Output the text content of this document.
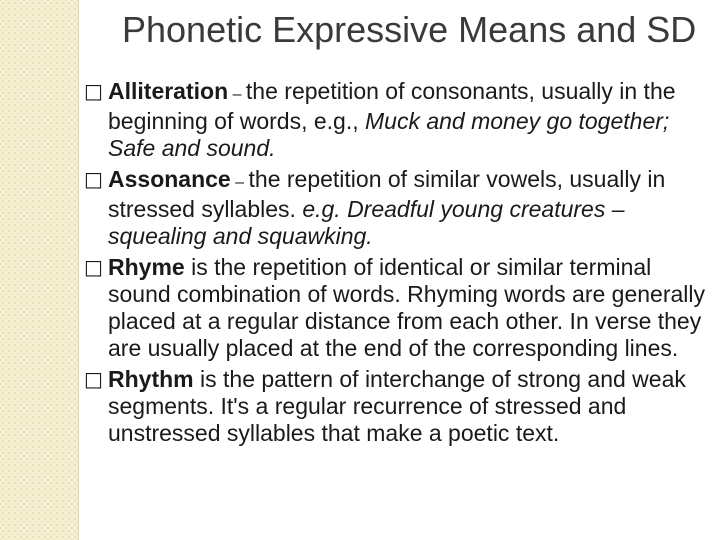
Phonetic Expressive Means and SD

□ Alliteration – the repetition of consonants, usually in the beginning of words, e.g., Muck and money go together; Safe and sound.

□ Assonance – the repetition of similar vowels, usually in stressed syllables. e.g. Dreadful young creatures – squealing and squawking.

□ Rhyme is the repetition of identical or similar terminal sound combination of words. Rhyming words are generally placed at a regular distance from each other. In verse they are usually placed at the end of the corresponding lines.

□ Rhythm is the pattern of interchange of strong and weak segments. It's a regular recurrence of stressed and unstressed syllables that make a poetic text.
